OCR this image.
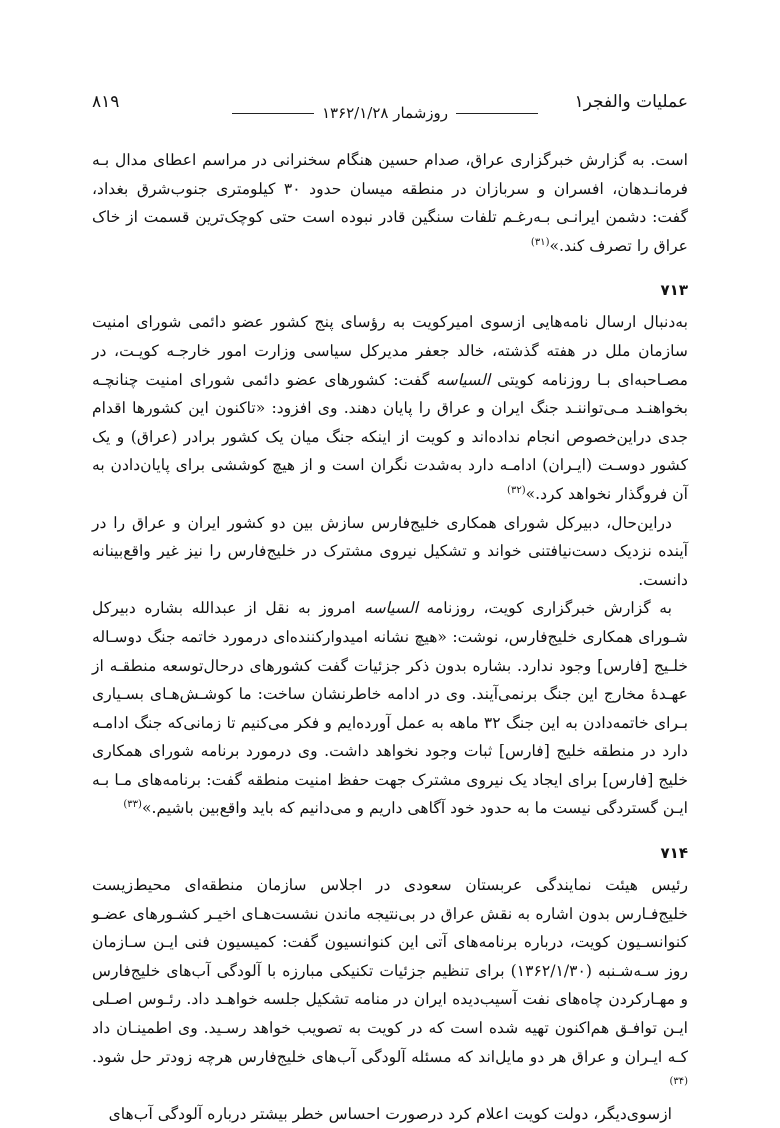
عملیات والفجر۱
روزشمار ۱۳۶۲/۱/۲۸
۸۱۹

است. به گزارش خبرگزاری عراق، صدام حسین هنگام سخنرانی در مراسم اعطای مدال بـه فرمانـدهان، افسران و سربازان در منطقه میسان حدود ۳۰ کیلومتری جنوب‌شرق بغداد، گفت: دشمن ایرانـی بـه‌رغـم تلفات سنگین قادر نبوده است حتی کوچک‌ترین قسمت از خاک عراق را تصرف کند.»$^{(۳۱)}$

۷۱۳

به‌دنبال ارسال نامه‌هایی ازسوی امیرکویت به رؤسای پنج کشور عضو دائمی شورای امنیت سازمان ملل در هفته گذشته، خالد جعفر مدیرکل سیاسی وزارت امور خارجـه کویـت، در مصـاحبه‌ای بـا روزنامه کویتی السیاسه گفت: کشورهای عضو دائمی شورای امنیت چنانچـه بخواهنـد مـی‌تواننـد جنگ ایران و عراق را پایان دهند. وی افزود: «تاکنون این کشورها اقدام جدی دراین‌خصوص انجام نداده‌اند و کویت از اینکه جنگ میان یک کشور برادر (عراق) و یک کشور دوسـت (ایـران) ادامـه دارد به‌شدت نگران است و از هیچ کوششی برای پایان‌دادن به آن فروگذار نخواهد کرد.»$^{(۳۲)}$

دراین‌حال، دبیرکل شورای همکاری خلیج‌فارس سازش بین دو کشور ایران و عراق را در آینده نزدیک دست‌نیافتنی خواند و تشکیل نیروی مشترک در خلیج‌فارس را نیز غیر واقع‌بینانه دانست.

به گزارش خبرگزاری کویت، روزنامه السیاسه امروز به نقل از عبدالله بشاره دبیرکل شـورای همکاری خلیج‌فارس، نوشت: «هیچ نشانه امیدوارکننده‌ای درمورد خاتمه جنگ دوسـاله خلـیج [فارس] وجود ندارد. بشاره بدون ذکر جزئیات گفت کشورهای درحال‌توسعه منطقـه از عهـدهٔ مخارج این جنگ برنمی‌آیند. وی در ادامه خاطرنشان ساخت: ما کوشـش‌هـای بسـیاری بـرای خاتمه‌دادن به این جنگ ۳۲ ماهه به عمل آورده‌ایم و فکر می‌کنیم تا زمانی‌که جنگ ادامـه دارد در منطقه خلیج [فارس] ثبات وجود نخواهد داشت. وی درمورد برنامه شورای همکاری خلیج [فارس] برای ایجاد یک نیروی مشترک جهت حفظ امنیت منطقه گفت: برنامه‌های مـا بـه ایـن گستردگی نیست ما به حدود خود آگاهی داریم و می‌دانیم که باید واقع‌بین باشیم.»$^{(۳۳)}$

۷۱۴

رئیس هیئت نمایندگی عربستان سعودی در اجلاس سازمان منطقه‌ای محیط‌زیست خلیج‌فـارس بدون اشاره به نقش عراق در بی‌نتیجه ماندن نشست‌هـای اخیـر کشـورهای عضـو کنوانسـیون کویت، درباره برنامه‌های آتی این کنوانسیون گفت: کمیسیون فنی ایـن سـازمان روز سـه‌شـنبه (۱۳۶۲/۱/۳۰) برای تنظیم جزئیات تکنیکی مبارزه با آلودگی آب‌های خلیج‌فارس و مهـارکردن چاه‌های نفت آسیب‌دیده ایران در منامه تشکیل جلسه خواهـد داد. رئـوس اصـلی ایـن توافـق هم‌اکنون تهیه شده است که در کویت به تصویب خواهد رسـید. وی اطمینـان داد کـه ایـران و عراق هر دو مایل‌اند که مسئله آلودگی آب‌های خلیج‌فارس هرچه زودتر حل شود.$^{(۳۴)}$

ازسوی‌دیگر، دولت کویت اعلام کرد درصورت احساس خطر بیشتر درباره آلودگی آب‌های
